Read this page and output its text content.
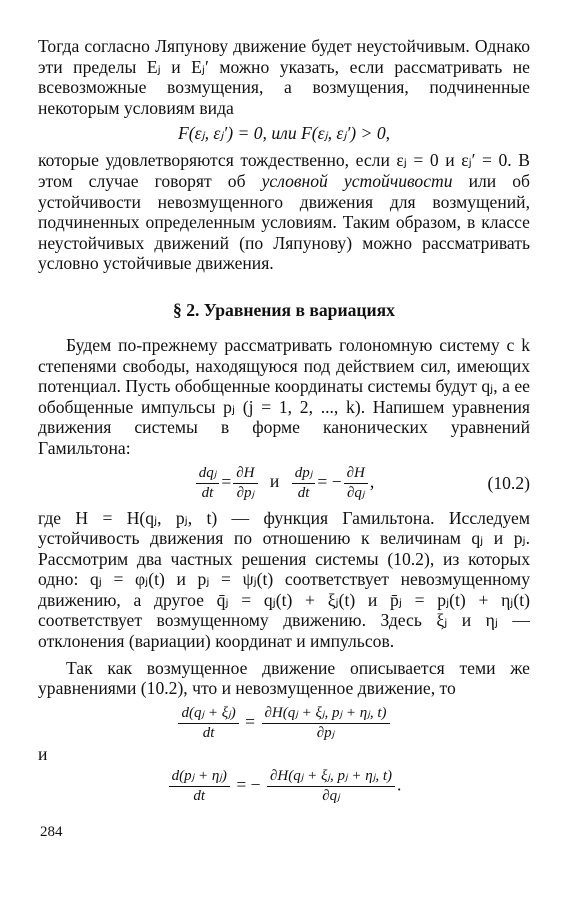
Тогда согласно Ляпунову движение будет неустойчивым. Однако эти пределы Eⱼ и Eⱼ′ можно указать, если рассматривать не всевозможные возмущения, а возмущения, подчиненные некоторым условиям вида

F(εⱼ, εⱼ′) = 0, или F(εⱼ, εⱼ′) > 0,

которые удовлетворяются тождественно, если εⱼ = 0 и εⱼ′ = 0. В этом случае говорят об условной устойчивости или об устойчивости невозмущенного движения для возмущений, подчиненных определенным условиям. Таким образом, в классе неустойчивых движений (по Ляпунову) можно рассматривать условно устойчивые движения.

§ 2. Уравнения в вариациях

Будем по-прежнему рассматривать голономную систему с k степенями свободы, находящуюся под действием сил, имеющих потенциал. Пусть обобщенные координаты системы будут qⱼ, а ее обобщенные импульсы pⱼ (j = 1, 2, ..., k). Напишем уравнения движения системы в форме канонических уравнений Гамильтона:

$\frac{\text{dqⱼ}}{dt} = \frac{\partial H}{\text{∂pⱼ}}$ и $\frac{\text{dpⱼ}}{dt}$ = − $\frac{\partial H}{\text{∂qⱼ}}$ ,	(10.2)

где H = H(qⱼ, pⱼ, t) — функция Гамильтона. Исследуем устойчивость движения по отношению к величинам qⱼ и pⱼ. Рассмотрим два частных решения системы (10.2), из которых одно: qⱼ = φⱼ(t) и pⱼ = ψⱼ(t) соответствует невозмущенному движению, а другое q̄ⱼ = qⱼ(t) + ξⱼ(t) и p̄ⱼ = pⱼ(t) + ηⱼ(t) соответствует возмущенному движению. Здесь ξⱼ и ηⱼ — отклонения (вариации) координат и импульсов.

Так как возмущенное движение описывается теми же уравнениями (10.2), что и невозмущенное движение, то

$\frac{\text{d(qⱼ + ξⱼ)}}{dt} = \frac{\text{∂H(qⱼ + ξⱼ, pⱼ + ηⱼ, t)}}{\text{∂pⱼ}}$
и
$\frac{\text{d(pⱼ + ηⱼ)}}{dt}$ = − $\frac{\text{∂H(qⱼ + ξⱼ, pⱼ + ηⱼ, t)}}{\text{∂qⱼ}}$ .
284
